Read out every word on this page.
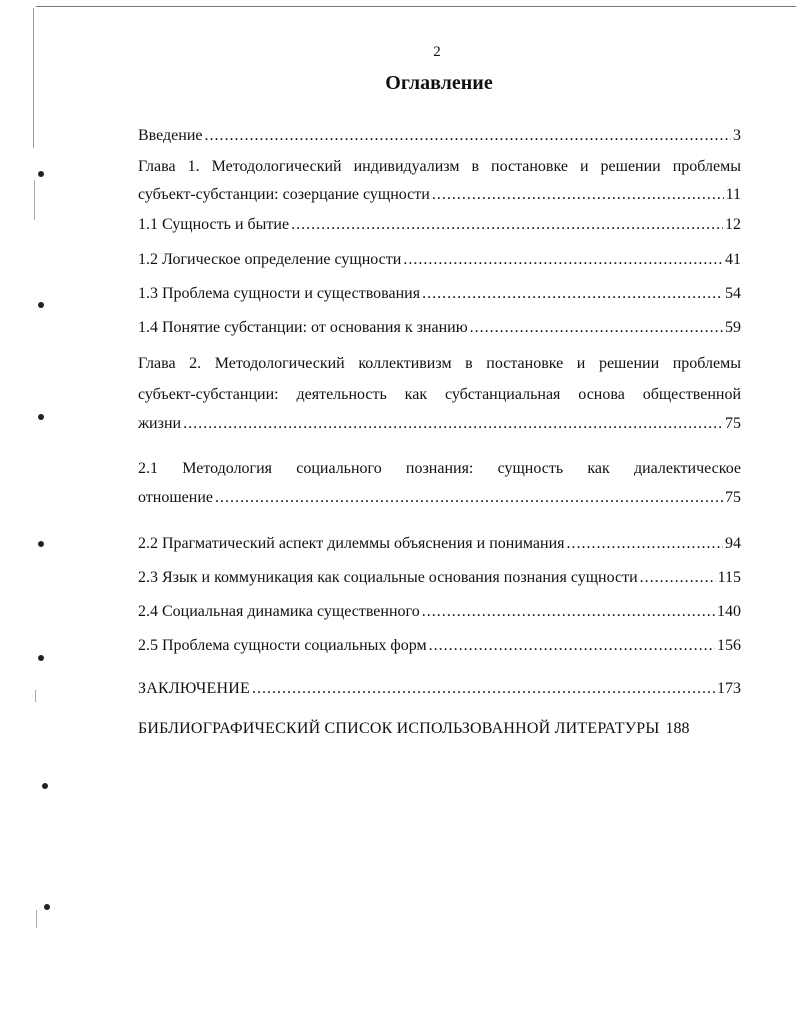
2
Оглавление
Введение .....	3
Глава 1. Методологический индивидуализм в постановке и решении проблемы
субъект-субстанции: созерцание сущности .....	11
1.1 Сущность и бытие .....	12
1.2 Логическое определение сущности .....	41
1.3 Проблема сущности и существования .....	54
1.4 Понятие субстанции: от основания к знанию .....	59
Глава 2. Методологический коллективизм в постановке и решении проблемы
субъект-субстанции: деятельность как субстанциальная основа общественной
жизни .....	75
2.1 Методология социального познания: сущность как диалектическое
отношение .....	75
2.2 Прагматический аспект дилеммы объяснения и понимания .....	94
2.3 Язык и коммуникация как социальные основания познания сущности .....	115
2.4 Социальная динамика существенного .....	140
2.5 Проблема сущности социальных форм .....	156
ЗАКЛЮЧЕНИЕ .....	173
БИБЛИОГРАФИЧЕСКИЙ СПИСОК ИСПОЛЬЗОВАННОЙ ЛИТЕРАТУРЫ 188
